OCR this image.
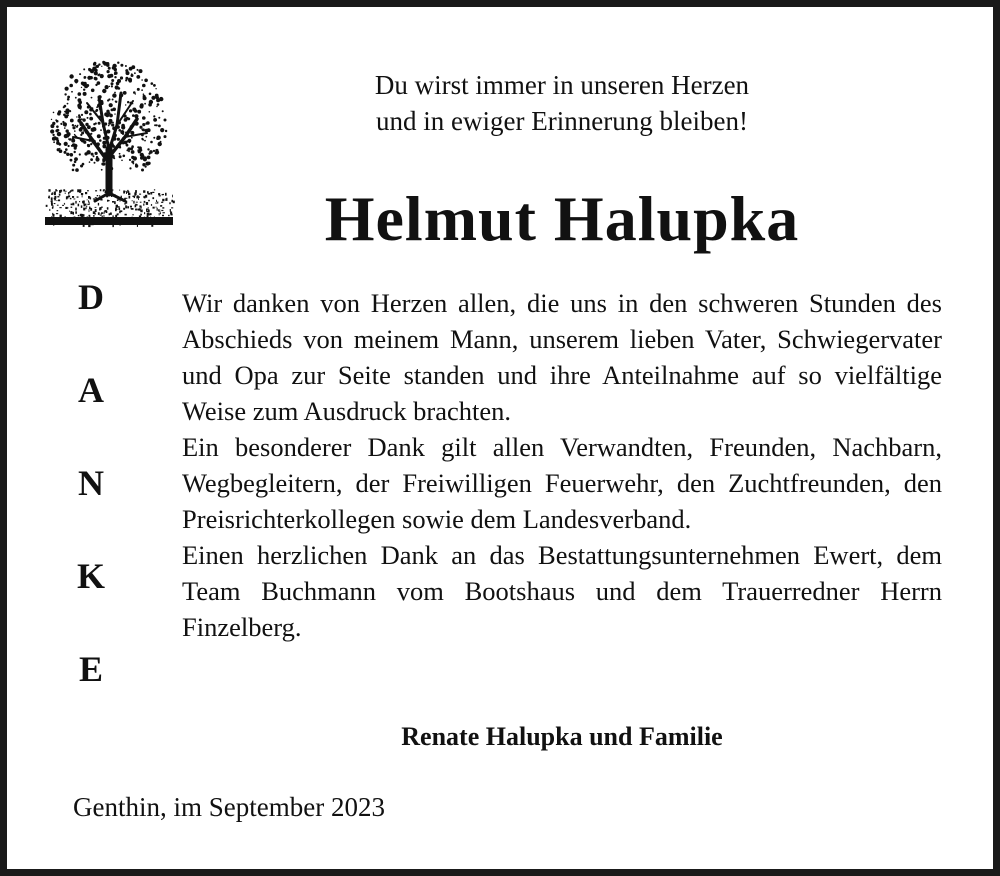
Du wirst immer in unseren Herzen
und in ewiger Erinnerung bleiben!
Helmut Halupka
D
A
N
K
E

Wir danken von Herzen allen, die uns in den schweren Stunden des Abschieds von meinem Mann, unserem lieben Vater, Schwiegervater und Opa zur Seite standen und ihre Anteilnahme auf so vielfältige Weise zum Ausdruck brachten.

Ein besonderer Dank gilt allen Verwandten, Freunden, Nachbarn, Wegbegleitern, der Freiwilligen Feuerwehr, den Zuchtfreunden, den Preisrichterkollegen sowie dem Landesverband.

Einen herzlichen Dank an das Bestattungsunternehmen Ewert, dem Team Buchmann vom Bootshaus und dem Trauerredner Herrn Finzelberg.

Renate Halupka und Familie
Genthin, im September 2023
